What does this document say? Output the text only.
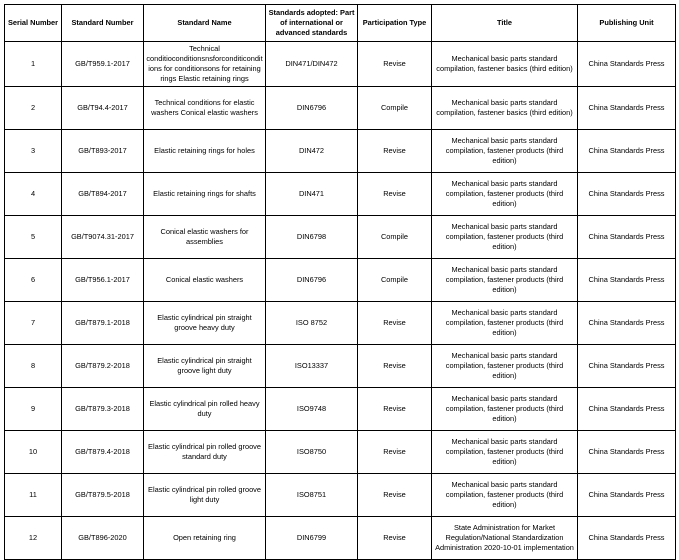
Serial Number	Standard Number	Standard Name	Standards adopted: Part of international or advanced standards	Participation Type	Title	Publishing Unit
1	GB/T959.1-2017	Technical conditioconditionsnsforconditiconditions for conditionsons for retaining rings Elastic retaining rings	DIN471/DIN472	Revise	Mechanical basic parts standard compilation, fastener basics (third edition)	China Standards Press
2	GB/T94.4-2017	Technical conditions for elastic washers Conical elastic washers	DIN6796	Compile	Mechanical basic parts standard compilation, fastener basics (third edition)	China Standards Press
3	GB/T893-2017	Elastic retaining rings for holes	DIN472	Revise	Mechanical basic parts standard compilation, fastener products (third edition)	China Standards Press
4	GB/T894-2017	Elastic retaining rings for shafts	DIN471	Revise	Mechanical basic parts standard compilation, fastener products (third edition)	China Standards Press
5	GB/T9074.31-2017	Conical elastic washers for assemblies	DIN6798	Compile	Mechanical basic parts standard compilation, fastener products (third edition)	China Standards Press
6	GB/T956.1-2017	Conical elastic washers	DIN6796	Compile	Mechanical basic parts standard compilation, fastener products (third edition)	China Standards Press
7	GB/T879.1-2018	Elastic cylindrical pin straight groove heavy duty	ISO 8752	Revise	Mechanical basic parts standard compilation, fastener products (third edition)	China Standards Press
8	GB/T879.2-2018	Elastic cylindrical pin straight groove light duty	ISO13337	Revise	Mechanical basic parts standard compilation, fastener products (third edition)	China Standards Press
9	GB/T879.3-2018	Elastic cylindrical pin rolled heavy duty	ISO9748	Revise	Mechanical basic parts standard compilation, fastener products (third edition)	China Standards Press
10	GB/T879.4-2018	Elastic cylindrical pin rolled groove standard duty	ISO8750	Revise	Mechanical basic parts standard compilation, fastener products (third edition)	China Standards Press
11	GB/T879.5-2018	Elastic cylindrical pin rolled groove light duty	ISO8751	Revise	Mechanical basic parts standard compilation, fastener products (third edition)	China Standards Press
12	GB/T896-2020	Open retaining ring	DIN6799	Revise	State Administration for Market Regulation/National Standardization Administration 2020-10-01 implementation	China Standards Press
